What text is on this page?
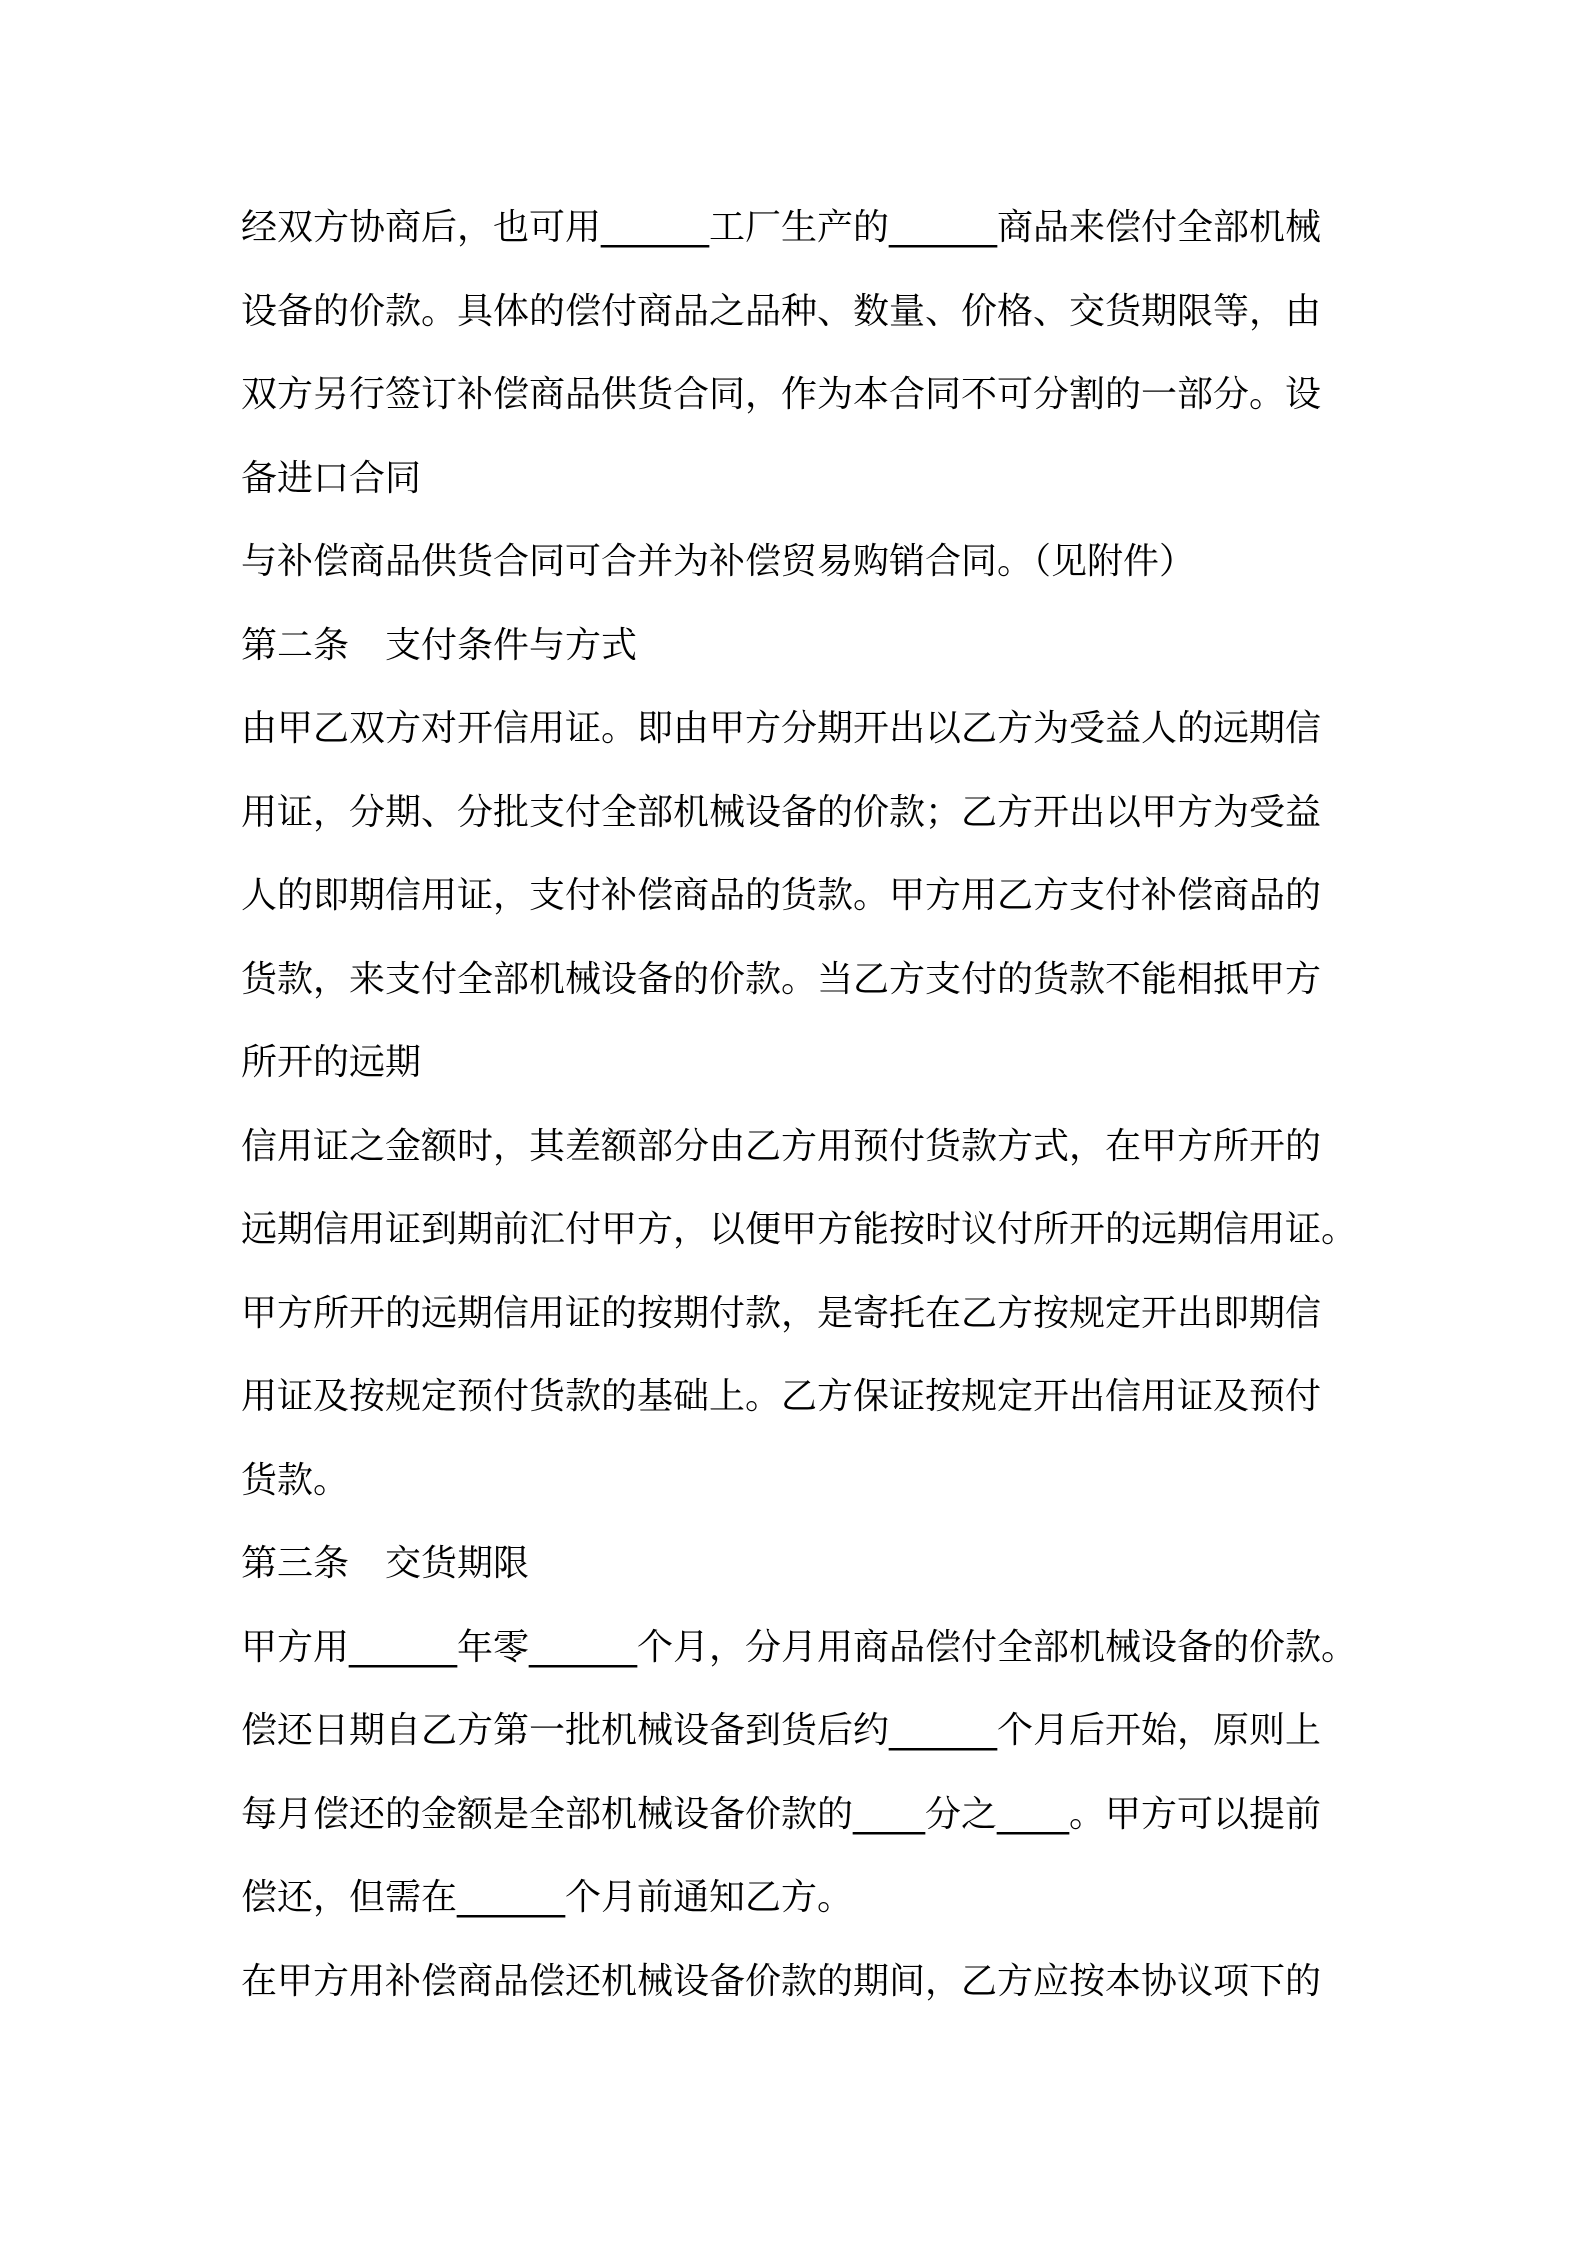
经双方协商后，也可用______工厂生产的______商品来偿付全部机械
设备的价款。具体的偿付商品之品种、数量、价格、交货期限等，由
双方另行签订补偿商品供货合同，作为本合同不可分割的一部分。设
备进口合同
与补偿商品供货合同可合并为补偿贸易购销合同。（见附件）
第二条　支付条件与方式
由甲乙双方对开信用证。即由甲方分期开出以乙方为受益人的远期信
用证，分期、分批支付全部机械设备的价款；乙方开出以甲方为受益
人的即期信用证，支付补偿商品的货款。甲方用乙方支付补偿商品的
货款，来支付全部机械设备的价款。当乙方支付的货款不能相抵甲方
所开的远期
信用证之金额时，其差额部分由乙方用预付货款方式，在甲方所开的
远期信用证到期前汇付甲方，以便甲方能按时议付所开的远期信用证。
甲方所开的远期信用证的按期付款，是寄托在乙方按规定开出即期信
用证及按规定预付货款的基础上。乙方保证按规定开出信用证及预付
货款。
第三条　交货期限
甲方用______年零______个月，分月用商品偿付全部机械设备的价款。
偿还日期自乙方第一批机械设备到货后约______个月后开始，原则上
每月偿还的金额是全部机械设备价款的____分之____。甲方可以提前
偿还，但需在______个月前通知乙方。
在甲方用补偿商品偿还机械设备价款的期间，乙方应按本协议项下的
